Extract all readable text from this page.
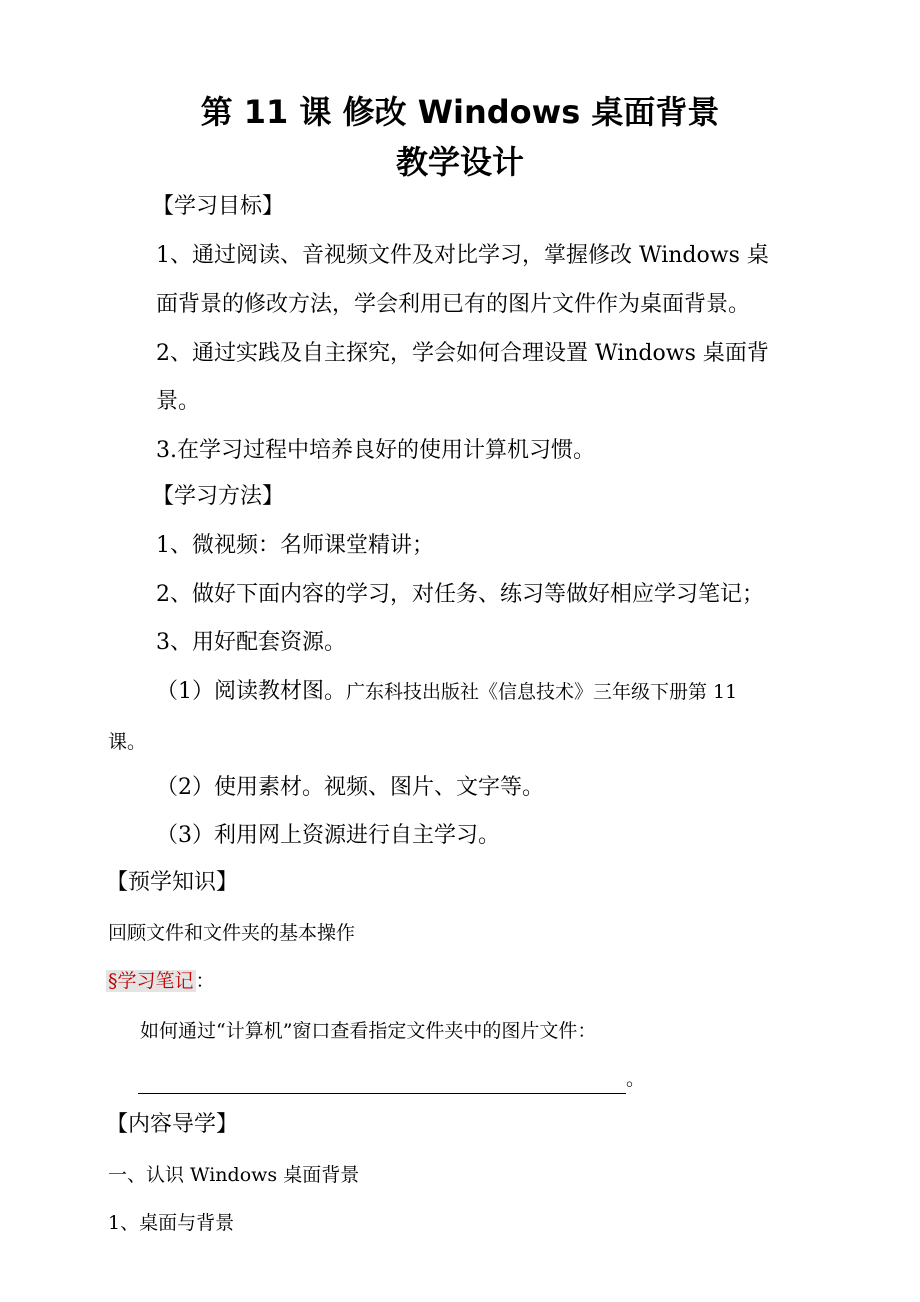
第 11 课 修改 Windows 桌面背景
教学设计
【学习目标】
1、通过阅读、音视频文件及对比学习，掌握修改 Windows 桌
面背景的修改方法，学会利用已有的图片文件作为桌面背景。
2、通过实践及自主探究，学会如何合理设置 Windows 桌面背
景。
3.在学习过程中培养良好的使用计算机习惯。
【学习方法】
1、微视频：名师课堂精讲；
2、做好下面内容的学习，对任务、练习等做好相应学习笔记；
3、用好配套资源。
（1）阅读教材图。广东科技出版社《信息技术》三年级下册第 11
课。
（2）使用素材。视频、图片、文字等。
（3）利用网上资源进行自主学习。
【预学知识】
回顾文件和文件夹的基本操作
§学习笔记 ：
如何通过“计算机”窗口查看指定文件夹中的图片文件：
。
【内容导学】
一、认识 Windows 桌面背景
1、桌面与背景
